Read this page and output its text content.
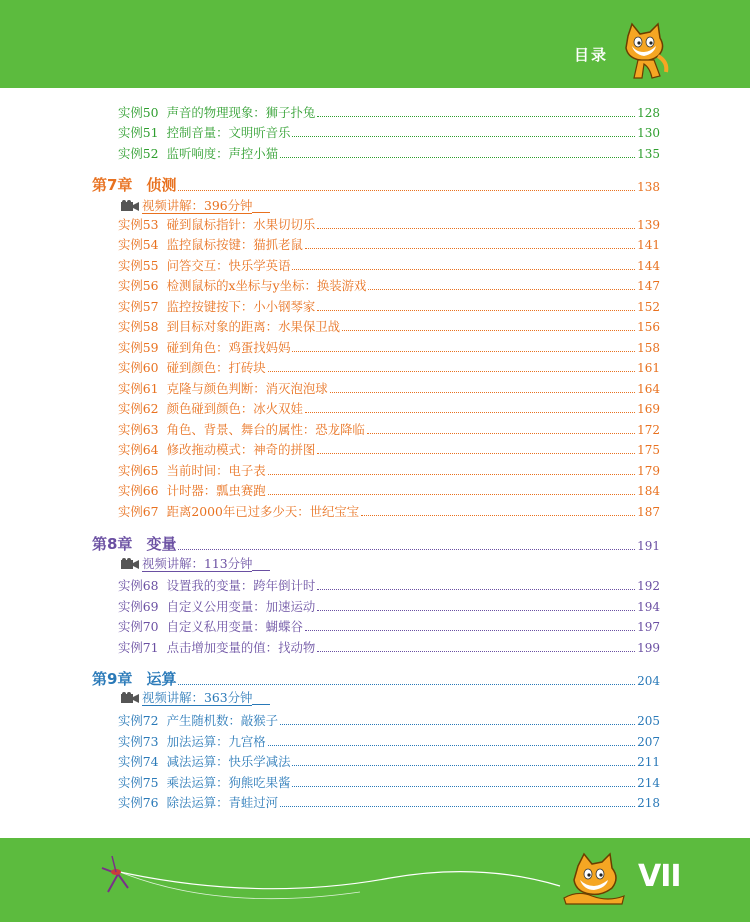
目录
实例50 声音的物理现象：狮子扑兔	128
实例51 控制音量：文明听音乐	130
实例52 监听响度：声控小猫	135
第7章 侦测	138
视频讲解：396分钟
实例53 碰到鼠标指针：水果切切乐	139
实例54 监控鼠标按键：猫抓老鼠	141
实例55 问答交互：快乐学英语	144
实例56 检测鼠标的x坐标与y坐标：换装游戏	147
实例57 监控按键按下：小小钢琴家	152
实例58 到目标对象的距离：水果保卫战	156
实例59 碰到角色：鸡蛋找妈妈	158
实例60 碰到颜色：打砖块	161
实例61 克隆与颜色判断：消灭泡泡球	164
实例62 颜色碰到颜色：冰火双娃	169
实例63 角色、背景、舞台的属性：恐龙降临	172
实例64 修改拖动模式：神奇的拼图	175
实例65 当前时间：电子表	179
实例66 计时器：瓢虫赛跑	184
实例67 距离2000年已过多少天：世纪宝宝	187
第8章 变量	191
视频讲解：113分钟
实例68 设置我的变量：跨年倒计时	192
实例69 自定义公用变量：加速运动	194
实例70 自定义私用变量：蝴蝶谷	197
实例71 点击增加变量的值：找动物	199
第9章 运算	204
视频讲解：363分钟
实例72 产生随机数：敲猴子	205
实例73 加法运算：九宫格	207
实例74 减法运算：快乐学减法	211
实例75 乘法运算：狗熊吃果酱	214
实例76 除法运算：青蛙过河	218
VII
